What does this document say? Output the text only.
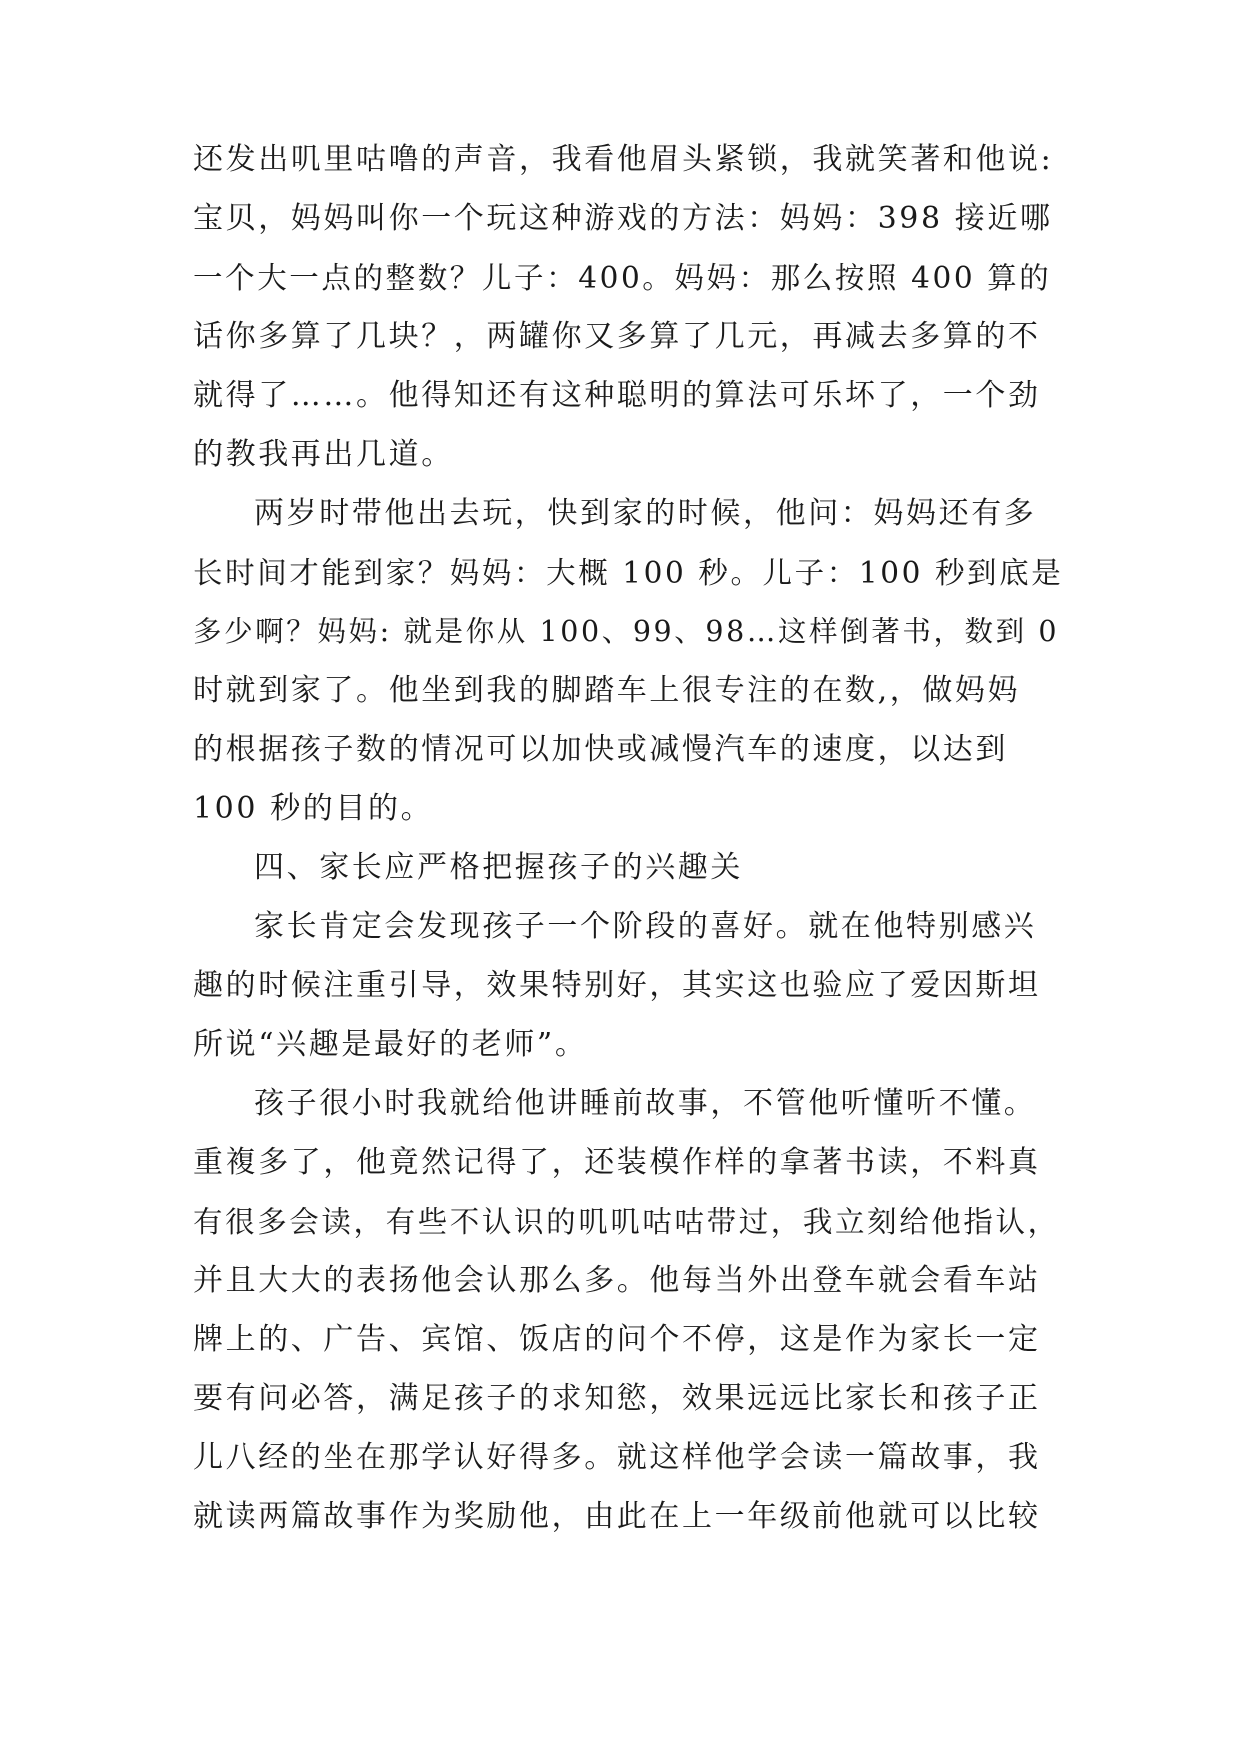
还发出叽里咕噜的声音，我看他眉头紧锁，我就笑著和他说:
宝贝，妈妈叫你一个玩这种游戏的方法：妈妈：398 接近哪
一个大一点的整数？儿子：400。妈妈：那么按照 400 算的
话你多算了几块？，两罐你又多算了几元，再减去多算的不
就得了……。他得知还有这种聪明的算法可乐坏了，一个劲
的教我再出几道。
两岁时带他出去玩，快到家的时候，他问：妈妈还有多
长时间才能到家？妈妈：大概 100 秒。儿子：100 秒到底是
多少啊？妈妈: 就是你从 100、99、98…这样倒著书，数到 0
时就到家了。他坐到我的脚踏车上很专注的在数,，做妈妈
的根据孩子数的情况可以加快或减慢汽车的速度，以达到
100 秒的目的。
四、家长应严格把握孩子的兴趣关
家长肯定会发现孩子一个阶段的喜好。就在他特别感兴
趣的时候注重引导，效果特别好，其实这也验应了爱因斯坦
所说“兴趣是最好的老师”。
孩子很小时我就给他讲睡前故事，不管他听懂听不懂。
重複多了，他竟然记得了，还装模作样的拿著书读，不料真
有很多会读，有些不认识的叽叽咕咕带过，我立刻给他指认，
并且大大的表扬他会认那么多。他每当外出登车就会看车站
牌上的、广告、宾馆、饭店的问个不停，这是作为家长一定
要有问必答，满足孩子的求知慾，效果远远比家长和孩子正
儿八经的坐在那学认好得多。就这样他学会读一篇故事，我
就读两篇故事作为奖励他，由此在上一年级前他就可以比较
